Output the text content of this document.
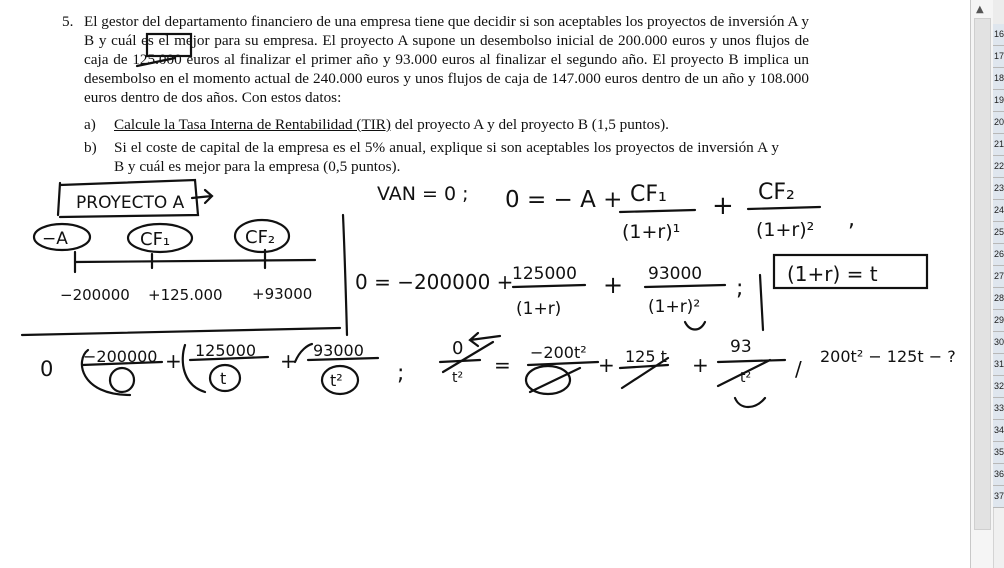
5. El gestor del departamento financiero de una empresa tiene que decidir si son aceptables los proyectos de inversión A y B y cuál es el mejor para su empresa. El proyecto A supone un desembolso inicial de 200.000 euros y unos flujos de caja de 125.000 euros al finalizar el primer año y 93.000 euros al finalizar el segundo año. El proyecto B implica un desembolso en el momento actual de 240.000 euros y unos flujos de caja de 147.000 euros dentro de un año y 108.000 euros dentro de dos años. Con estos datos:
a) Calcule la Tasa Interna de Rentabilidad (TIR) del proyecto A y del proyecto B (1,5 puntos).
b) Si el coste de capital de la empresa es el 5% anual, explique si son aceptables los proyectos de inversión A y B y cuál es mejor para la empresa (0,5 puntos).
PROYECTO A
−A	CF₁	CF₂
−200000 +125.000 +93000
VAN = 0 ; 0 = − A + CF₁
(1+r)¹
+ CF₂
(1+r)² ,
0 = −200000 +
125000
(1+r)
+ 93000
(1+r)²
;
(1+r) = t
0
−200000 + 125000
t
+ 93000
t² ;
0
t²
=
−200t²
+ 125 t +
93
t² /
200t² − 125t − ?
▲
16
17
18
19
20
21
22
23
24
25
26
27
28
29
30
31
32
33
34
35
36
37
